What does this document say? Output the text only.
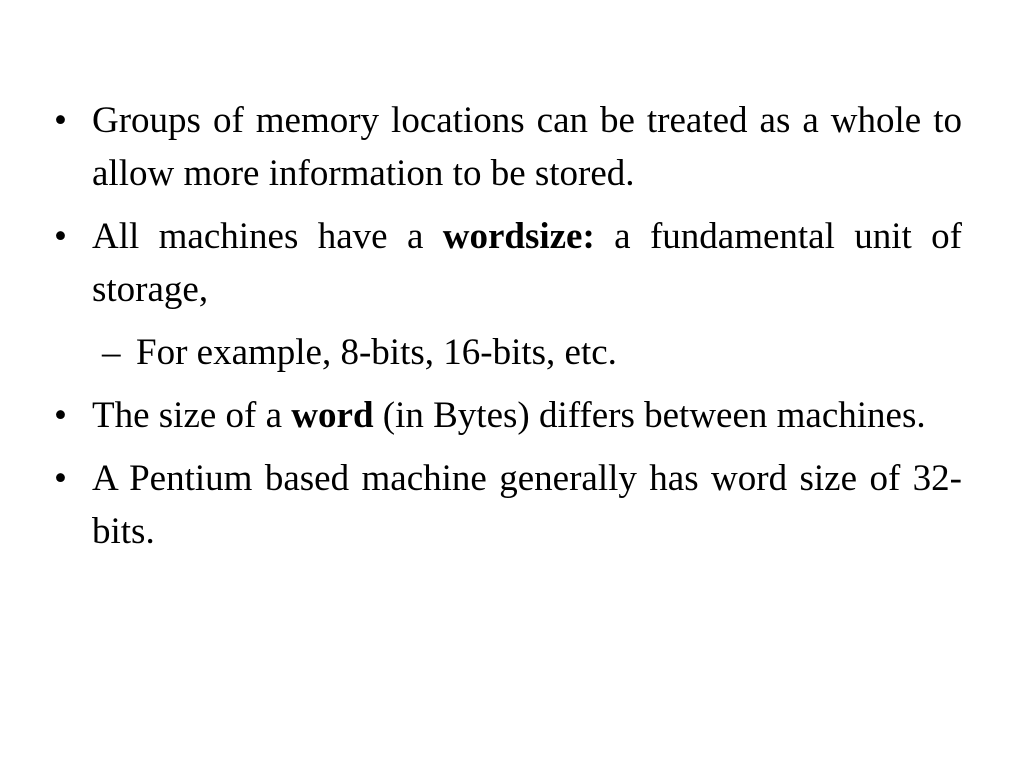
• Groups of memory locations can be treated as a whole to allow more information to be stored.
• All machines have a wordsize: a fundamental unit of storage,
– For example, 8-bits, 16-bits, etc.
• The size of a word (in Bytes) differs between machines.
• A Pentium based machine generally has word size of 32-bits.
